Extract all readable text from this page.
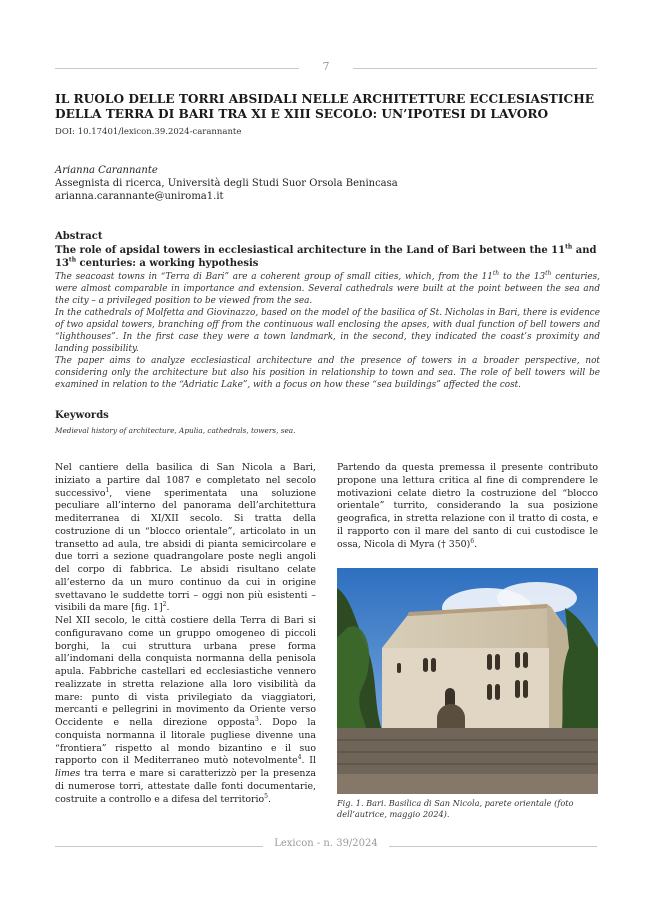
7
IL RUOLO DELLE TORRI ABSIDALI NELLE ARCHITETTURE ECCLESIASTICHE DELLA TERRA DI BARI TRA XI E XIII SECOLO: UN’IPOTESI DI LAVORO
DOI: 10.17401/lexicon.39.2024-carannante
Arianna Carannante
Assegnista di ricerca, Università degli Studi Suor Orsola Benincasa
arianna.carannante@uniroma1.it
Abstract

The role of apsidal towers in ecclesiastical architecture in the Land of Bari between the 11th and 13th centuries: a working hypothesis

The seacoast towns in “Terra di Bari” are a coherent group of small cities, which, from the 11th to the 13th centuries, were almost comparable in importance and extension. Several cathedrals were built at the point between the sea and the city – a privileged position to be viewed from the sea.

In the cathedrals of Molfetta and Giovinazzo, based on the model of the basilica of St. Nicholas in Bari, there is evidence of two apsidal towers, branching off from the continuous wall enclosing the apses, with dual function of bell towers and “lighthouses”. In the first case they were a town landmark, in the second, they indicated the coast’s proximity and landing possibility.

The paper aims to analyze ecclesiastical architecture and the presence of towers in a broader perspective, not considering only the architecture but also his position in relationship to town and sea. The role of bell towers will be examined in relation to the “Adriatic Lake”, with a focus on how these “sea buildings” affected the cost.

Keywords
Medieval history of architecture, Apulia, cathedrals, towers, sea.

Nel cantiere della basilica di San Nicola a Bari, iniziato a partire dal 1087 e completato nel secolo successivo$^1$, viene sperimentata una soluzione peculiare all’interno del panorama dell’architettura mediterranea di XI/XII secolo. Si tratta della costruzione di un “blocco orientale”, articolato in un transetto ad aula, tre absidi di pianta semicircolare e due torri a sezione quadrangolare poste negli angoli del corpo di fabbrica. Le absidi risultano celate all’esterno da un muro continuo da cui in origine svettavano le suddette torri – oggi non più esistenti – visibili da mare [fig. 1]$^2$.

Nel XII secolo, le città costiere della Terra di Bari si configuravano come un gruppo omogeneo di piccoli borghi, la cui struttura urbana prese forma all’indomani della conquista normanna della penisola apula. Fabbriche castellari ed ecclesiastiche vennero realizzate in stretta relazione alla loro visibilità da mare: punto di vista privilegiato da viaggiatori, mercanti e pellegrini in movimento da Oriente verso Occidente e nella direzione opposta$^3$. Dopo la conquista normanna il litorale pugliese divenne una “frontiera” rispetto al mondo bizantino e il suo rapporto con il Mediterraneo mutò notevolmente$^4$. Il limes tra terra e mare si caratterizzò per la presenza di numerose torri, attestate dalle fonti documentarie, costruite a controllo e a difesa del territorio$^5$.

Partendo da questa premessa il presente contributo propone una lettura critica al fine di comprendere le motivazioni celate dietro la costruzione del “blocco orientale” turrito, considerando la sua posizione geografica, in stretta relazione con il tratto di costa, e il rapporto con il mare del santo di cui custodisce le ossa, Nicola di Myra († 350)$^6$.

Fig. 1. Bari. Basilica di San Nicola, parete orientale (foto dell’autrice, maggio 2024).

Lexicon - n. 39/2024
